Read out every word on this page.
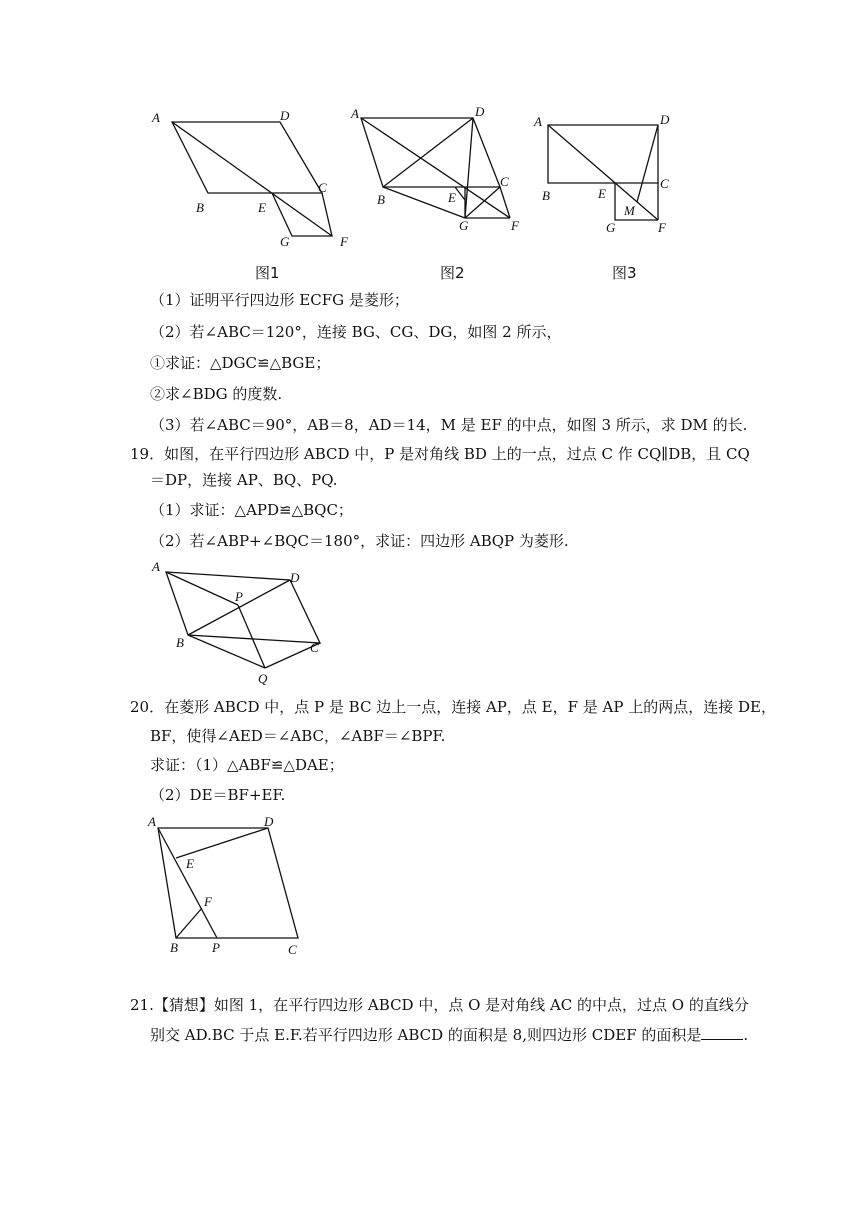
A	D
B	E
C
G	F
图1
A	D
B	E
C
G	F
图2
A	D
B	E
C
M
G	F
图3
（1）证明平行四边形 ECFG 是菱形；
（2）若∠ABC＝120°，连接 BG、CG、DG，如图 2 所示，
①求证：△DGC≌△BGE；
②求∠BDG 的度数.
（3）若∠ABC＝90°，AB＝8，AD＝14，M 是 EF 的中点，如图 3 所示，求 DM 的长.
19．如图，在平行四边形 ABCD 中，P 是对角线 BD 上的一点，过点 C 作 CQ∥DB，且 CQ
＝DP，连接 AP、BQ、PQ.
（1）求证：△APD≌△BQC；
（2）若∠ABP+∠BQC＝180°，求证：四边形 ABQP 为菱形.
A
D
P
B	C
Q
20．在菱形 ABCD 中，点 P 是 BC 边上一点，连接 AP，点 E，F 是 AP 上的两点，连接 DE，
BF，使得∠AED＝∠ABC，∠ABF＝∠BPF.
求证：（1）△ABF≌△DAE；
（2）DE＝BF+EF.
A	D
E
F
B	P	C
21.【猜想】如图 1，在平行四边形 ABCD 中，点 O 是对角线 AC 的中点，过点 O 的直线分
别交 AD.BC 于点 E.F.若平行四边形 ABCD 的面积是 8,则四边形 CDEF 的面积是	.
